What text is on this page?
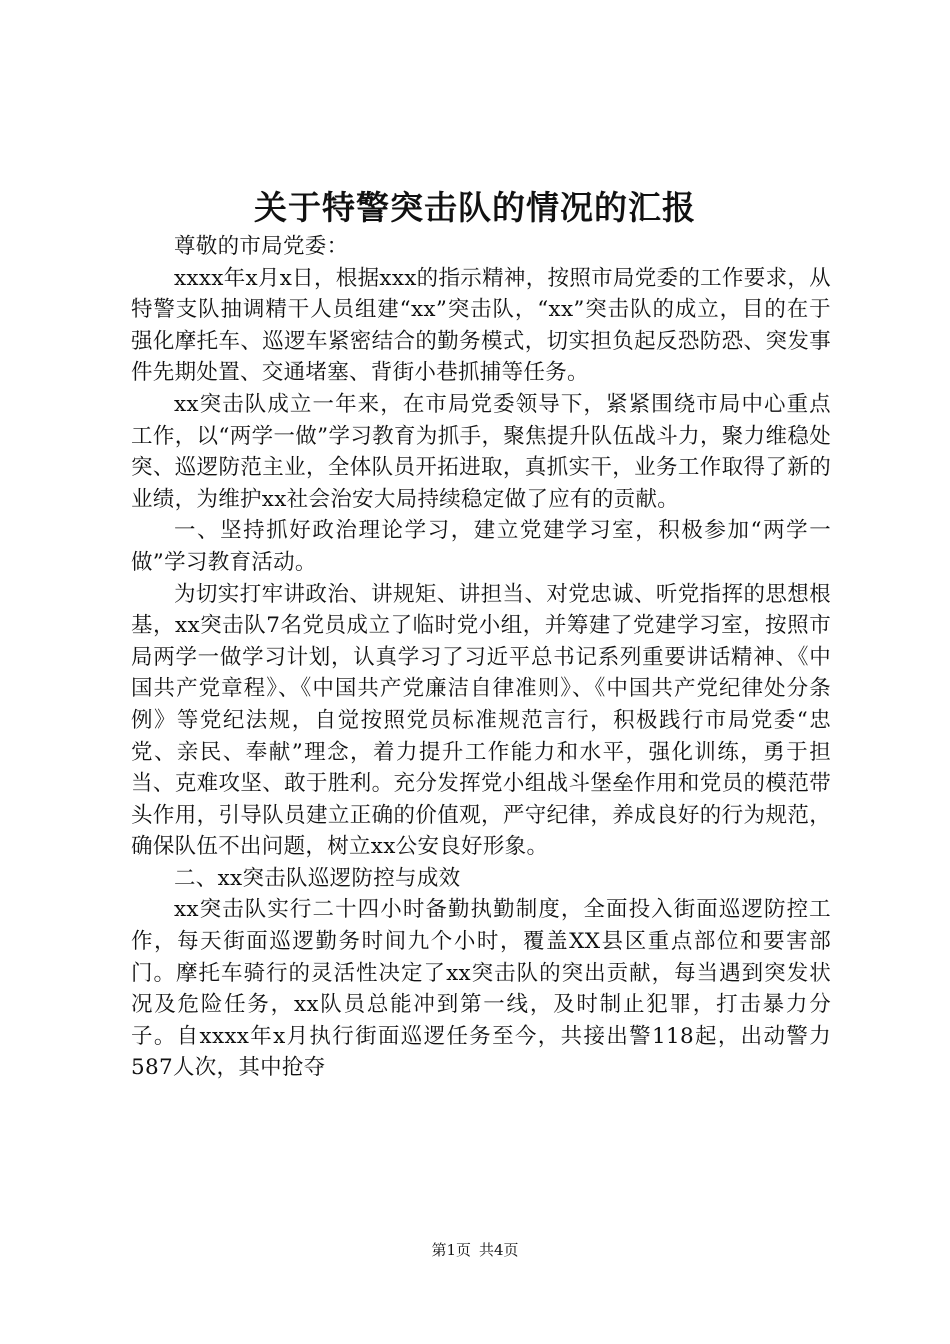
关于特警突击队的情况的汇报

尊敬的市局党委：

xxxx年x月x日，根据xxx的指示精神，按照市局党委的工作要求，从特警支队抽调精干人员组建“xx”突击队，“xx”突击队的成立，目的在于强化摩托车、巡逻车紧密结合的勤务模式，切实担负起反恐防恐、突发事件先期处置、交通堵塞、背街小巷抓捕等任务。

xx突击队成立一年来，在市局党委领导下，紧紧围绕市局中心重点工作，以“两学一做”学习教育为抓手，聚焦提升队伍战斗力，聚力维稳处突、巡逻防范主业，全体队员开拓进取，真抓实干，业务工作取得了新的业绩，为维护xx社会治安大局持续稳定做了应有的贡献。

一、坚持抓好政治理论学习，建立党建学习室，积极参加“两学一做”学习教育活动。

为切实打牢讲政治、讲规矩、讲担当、对党忠诚、听党指挥的思想根基，xx突击队7名党员成立了临时党小组，并筹建了党建学习室，按照市局两学一做学习计划，认真学习了习近平总书记系列重要讲话精神、《中国共产党章程》、《中国共产党廉洁自律准则》、《中国共产党纪律处分条例》等党纪法规，自觉按照党员标准规范言行，积极践行市局党委“忠党、亲民、奉献”理念，着力提升工作能力和水平，强化训练，勇于担当、克难攻坚、敢于胜利。充分发挥党小组战斗堡垒作用和党员的模范带头作用，引导队员建立正确的价值观，严守纪律，养成良好的行为规范，确保队伍不出问题，树立xx公安良好形象。

二、xx突击队巡逻防控与成效

xx突击队实行二十四小时备勤执勤制度，全面投入街面巡逻防控工作，每天街面巡逻勤务时间九个小时，覆盖XX县区重点部位和要害部门。摩托车骑行的灵活性决定了xx突击队的突出贡献，每当遇到突发状况及危险任务，xx队员总能冲到第一线，及时制止犯罪，打击暴力分子。自xxxx年x月执行街面巡逻任务至今，共接出警118起，出动警力587人次，其中抢夺

第1页 共4页
